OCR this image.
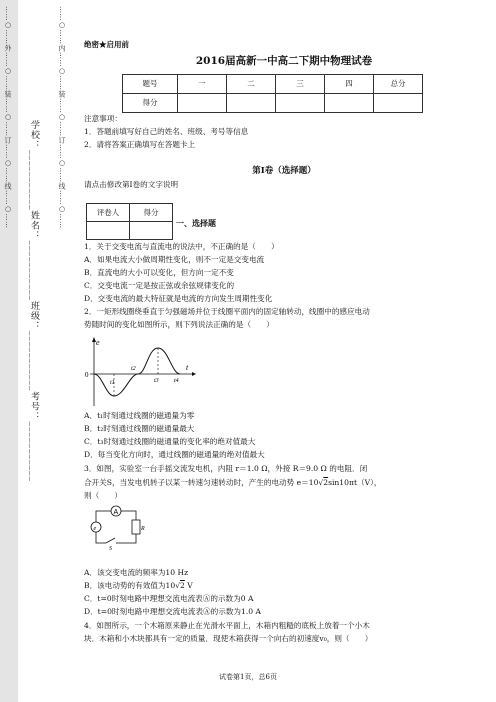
……○……外……○……装……○……订……○……线……○……	……○……内……○……装……○……订……○……线……○……
学校：___________姓名：___________班级：___________考号：___________
绝密★启用前
2016届高新一中高二下期中物理试卷
题号	一	二	三	四	总分
得分					
注意事项：
1．答题前填写好自己的姓名、班级、考号等信息
2．请将答案正确填写在答题卡上
第I卷（选择题）
请点击修改第I卷的文字说明
评卷人	得分

一、选择题
1．关于交变电流与直流电的说法中，不正确的是（　　）
A．如果电流大小做周期性变化，则不一定是交变电流
B．直流电的大小可以变化，但方向一定不变
C．交变电流一定是按正弦或余弦规律变化的
D．交变电流的最大特征就是电流的方向发生周期性变化
2．一矩形线圈绕垂直于匀强磁场并位于线圈平面内的固定轴转动，线圈中的感应电动
势随时间的变化如图所示，则下列说法正确的是（　　）
e
0
t
t1
t2
t3	t4
A．t₁时刻通过线圈的磁通量为零
B．t₂时刻通过线圈的磁通量最大
C．t₃时刻通过线圈的磁通量的变化率的绝对值最大
D．每当变化方向时，通过线圈的磁通量的绝对值最大
3．如图，实验室一台手摇交流发电机，内阻 r＝1.0 Ω，外接 R＝9.0 Ω 的电阻．闭
合开关S，当发电机转子以某一转速匀速转动时，产生的电动势 e＝10√2sin10πt（V），
则（　　）
A
e	R
S
A．该交变电流的频率为10 Hz
B．该电动势的有效值为10√2 V
C．t=0时刻电路中理想交流电流表Ⓐ的示数为0 A
D．t=0时刻电路中理想交流电流表Ⓐ的示数为1.0 A
4．如图所示，一个木箱原来静止在光滑水平面上，木箱内粗糙的底板上放着一个小木
块．木箱和小木块都具有一定的质量．现使木箱获得一个向右的初速度v₀，则（　　）
试卷第1页，总6页
